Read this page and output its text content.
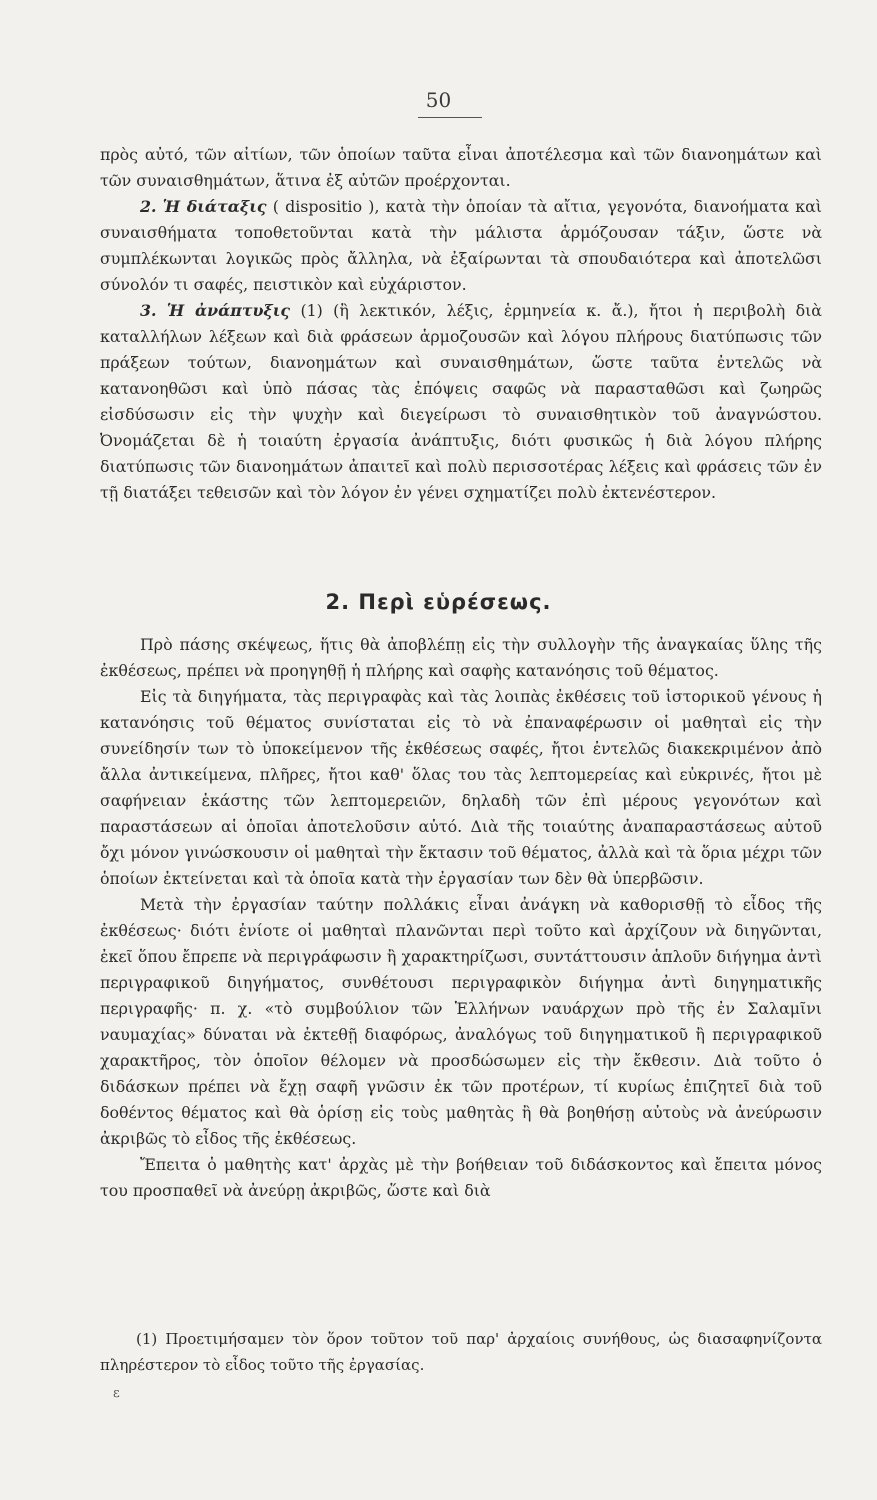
50

πρὸς αὐτό, τῶν αἰτίων, τῶν ὁποίων ταῦτα εἶναι ἀποτέλεσμα καὶ τῶν διανοημάτων καὶ τῶν συναισθημάτων, ἅτινα ἐξ αὐτῶν προέρχονται.

2. Ἡ διάταξις ( dispositio ), κατὰ τὴν ὁποίαν τὰ αἴτια, γεγονότα, διανοήματα καὶ συναισθήματα τοποθετοῦνται κατὰ τὴν μάλιστα ἁρμόζουσαν τάξιν, ὥστε νὰ συμπλέκωνται λογικῶς πρὸς ἄλληλα, νὰ ἐξαίρωνται τὰ σπουδαιότερα καὶ ἀποτελῶσι σύνολόν τι σαφές, πειστικὸν καὶ εὐχάριστον.

3. Ἡ ἀνάπτυξις (1) (ἢ λεκτικόν, λέξις, ἑρμηνεία κ. ἄ.), ἤτοι ἡ περιβολὴ διὰ καταλλήλων λέξεων καὶ διὰ φράσεων ἁρμοζουσῶν καὶ λόγου πλήρους διατύπωσις τῶν πράξεων τούτων, διανοημάτων καὶ συναισθημάτων, ὥστε ταῦτα ἐντελῶς νὰ κατανοηθῶσι καὶ ὑπὸ πάσας τὰς ἐπόψεις σαφῶς νὰ παρασταθῶσι καὶ ζωηρῶς εἰσδύσωσιν εἰς τὴν ψυχὴν καὶ διεγείρωσι τὸ συναισθητικὸν τοῦ ἀναγνώστου. Ὀνομάζεται δὲ ἡ τοιαύτη ἐργασία ἀνάπτυξις, διότι φυσικῶς ἡ διὰ λόγου πλήρης διατύπωσις τῶν διανοημάτων ἀπαιτεῖ καὶ πολὺ περισσοτέρας λέξεις καὶ φράσεις τῶν ἐν τῇ διατάξει τεθεισῶν καὶ τὸν λόγον ἐν γένει σχηματίζει πολὺ ἐκτενέστερον.

2. Περὶ εὑρέσεως.

Πρὸ πάσης σκέψεως, ἥτις θὰ ἀποβλέπῃ εἰς τὴν συλλογὴν τῆς ἀναγκαίας ὕλης τῆς ἐκθέσεως, πρέπει νὰ προηγηθῇ ἡ πλήρης καὶ σαφὴς κατανόησις τοῦ θέματος.

Εἰς τὰ διηγήματα, τὰς περιγραφὰς καὶ τὰς λοιπὰς ἐκθέσεις τοῦ ἱστορικοῦ γένους ἡ κατανόησις τοῦ θέματος συνίσταται εἰς τὸ νὰ ἐπαναφέρωσιν οἱ μαθηταὶ εἰς τὴν συνείδησίν των τὸ ὑποκείμενον τῆς ἐκθέσεως σαφές, ἤτοι ἐντελῶς διακεκριμένον ἀπὸ ἄλλα ἀντικείμενα, πλῆρες, ἤτοι καθ' ὅλας του τὰς λεπτομερείας καὶ εὐκρινές, ἤτοι μὲ σαφήνειαν ἑκάστης τῶν λεπτομερειῶν, δηλαδὴ τῶν ἐπὶ μέρους γεγονότων καὶ παραστάσεων αἱ ὁποῖαι ἀποτελοῦσιν αὐτό. Διὰ τῆς τοιαύτης ἀναπαραστάσεως αὐτοῦ ὄχι μόνον γινώσκουσιν οἱ μαθηταὶ τὴν ἔκτασιν τοῦ θέματος, ἀλλὰ καὶ τὰ ὅρια μέχρι τῶν ὁποίων ἐκτείνεται καὶ τὰ ὁποῖα κατὰ τὴν ἐργασίαν των δὲν θὰ ὑπερβῶσιν.

Μετὰ τὴν ἐργασίαν ταύτην πολλάκις εἶναι ἀνάγκη νὰ καθορισθῇ τὸ εἶδος τῆς ἐκθέσεως· διότι ἐνίοτε οἱ μαθηταὶ πλανῶνται περὶ τοῦτο καὶ ἀρχίζουν νὰ διηγῶνται, ἐκεῖ ὅπου ἔπρεπε νὰ περιγράφωσιν ἢ χαρακτηρίζωσι, συντάττουσιν ἁπλοῦν διήγημα ἀντὶ περιγραφικοῦ διηγήματος, συνθέτουσι περιγραφικὸν διήγημα ἀντὶ διηγηματικῆς περιγραφῆς· π. χ. «τὸ συμβούλιον τῶν Ἑλλήνων ναυάρχων πρὸ τῆς ἐν Σαλαμῖνι ναυμαχίας» δύναται νὰ ἐκτεθῇ διαφόρως, ἀναλόγως τοῦ διηγηματικοῦ ἢ περιγραφικοῦ χαρακτῆρος, τὸν ὁποῖον θέλομεν νὰ προσδώσωμεν εἰς τὴν ἔκθεσιν. Διὰ τοῦτο ὁ διδάσκων πρέπει νὰ ἔχῃ σαφῆ γνῶσιν ἐκ τῶν προτέρων, τί κυρίως ἐπιζητεῖ διὰ τοῦ δοθέντος θέματος καὶ θὰ ὁρίσῃ εἰς τοὺς μαθητὰς ἢ θὰ βοηθήσῃ αὐτοὺς νὰ ἀνεύρωσιν ἀκριβῶς τὸ εἶδος τῆς ἐκθέσεως.

Ἔπειτα ὁ μαθητὴς κατ' ἀρχὰς μὲ τὴν βοήθειαν τοῦ διδάσκοντος καὶ ἔπειτα μόνος του προσπαθεῖ νὰ ἀνεύρῃ ἀκριβῶς, ὥστε καὶ διὰ

(1) Προετιμήσαμεν τὸν ὅρον τοῦτον τοῦ παρ' ἀρχαίοις συνήθους, ὡς διασαφηνίζοντα πληρέστερον τὸ εἶδος τοῦτο τῆς ἐργασίας.

ε
